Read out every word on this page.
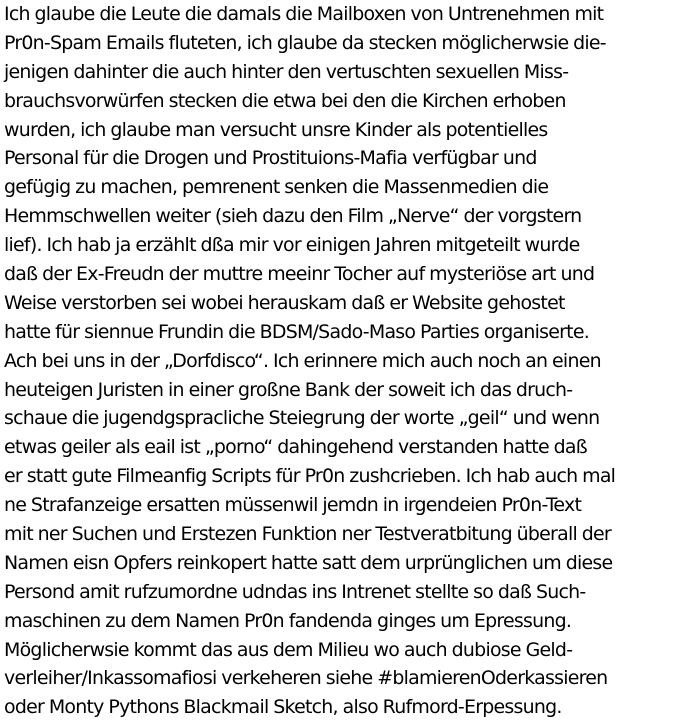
Ich glaube die Leute die damals die Mailboxen von Untrenehmen mit
Pr0n-Spam Emails fluteten, ich glaube da stecken möglicherwsie die-
jenigen dahinter die auch hinter den vertuschten sexuellen Miss-
brauchsvorwürfen stecken die etwa bei den die Kirchen erhoben
wurden, ich glaube man versucht unsre Kinder als potentielles
Personal für die Drogen und Prostituions-Mafia verfügbar und
gefügig zu machen, pemrenent senken die Massenmedien die
Hemmschwellen weiter (sieh dazu den Film „Nerve“ der vorgstern
lief). Ich hab ja erzählt dßa mir vor einigen Jahren mitgeteilt wurde
daß der Ex-Freudn der muttre meeinr Tocher auf mysteriöse art und
Weise verstorben sei wobei herauskam daß er Website gehostet
hatte für siennue Frundin die BDSM/Sado-Maso Parties organiserte.
Ach bei uns in der „Dorfdisco“. Ich erinnere mich auch noch an einen
heuteigen Juristen in einer großne Bank der soweit ich das druch-
schaue die jugendgspracliche Steiegrung der worte „geil“ und wenn
etwas geiler als eail ist „porno“ dahingehend verstanden hatte daß
er statt gute Filmeanfig Scripts für Pr0n zushcrieben. Ich hab auch mal
ne Strafanzeige ersatten müssenwil jemdn in irgendeien Pr0n-Text
mit ner Suchen und Erstezen Funktion ner Testveratbitung überall der
Namen eisn Opfers reinkopert hatte satt dem urprünglichen um diese
Persond amit rufzumordne udndas ins Intrenet stellte so daß Such-
maschinen zu dem Namen Pr0n fandenda ginges um Epressung.
Möglicherwsie kommt das aus dem Milieu wo auch dubiose Geld-
verleiher/Inkassomafiosi verkeheren siehe #blamierenOderkassieren
oder Monty Pythons Blackmail Sketch, also Rufmord-Erpessung.
